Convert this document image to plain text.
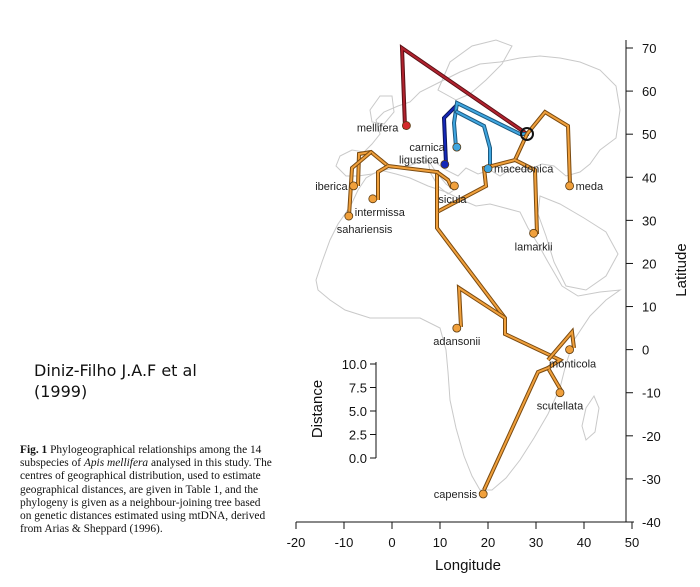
-20 -10	0	10	20	30	40	50
-40
-30
-20
-10
0
10
20
30
40
50
60
70
10.0
7.5
5.0
2.5
0.0
Longitude
Latitude
Distance
mellifera
carnica
ligustica
macedonica
iberica
intermissa
sahariensis
sicula
meda
lamarkii
adansonii
monticola
scutellata
capensis
Diniz-Filho J.A.F et al (1999)
Fig. 1 Phylogeographical relationships among the 14 subspecies of Apis mellifera analysed in this study. The centres of geographical distribution, used to estimate geographical distances, are given in Table 1, and the phylogeny is given as a neighbour-joining tree based on genetic distances estimated using mtDNA, derived from Arias & Sheppard (1996).
